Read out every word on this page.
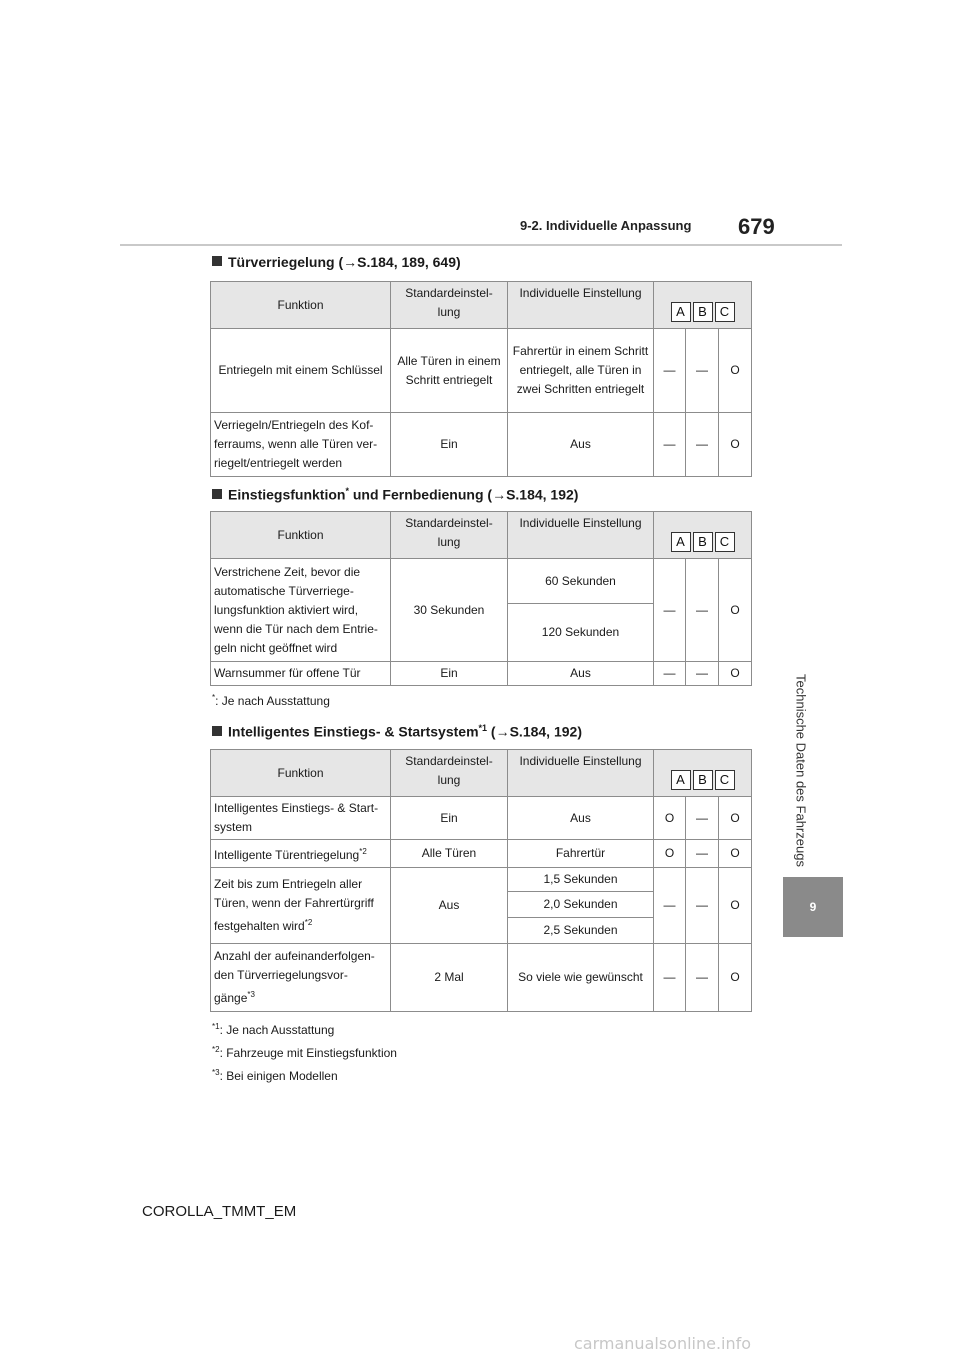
9-2. Individuelle Anpassung	679
Technische Daten des Fahrzeugs
9
Türverriegelung (→S.184, 189, 649)
Funktion	Standardeinstel-lung	Individuelle Einstellung	A B C		

Entriegeln mit einem Schlüssel	Alle Türen in einem Schritt entriegelt	Fahrertür in einem Schritt entriegelt, alle Türen in zwei Schritten entriegelt	—	—	O
Verriegeln/Entriegeln des Kof-ferraums, wenn alle Türen ver-riegelt/entriegelt werden	Ein	Aus	—	—	O
Einstiegsfunktion* und Fernbedienung (→S.184, 192)
Funktion	Standardeinstel-lung	Individuelle Einstellung	A B C		

Verstrichene Zeit, bevor die automatische Türverriege-lungsfunktion aktiviert wird, wenn die Tür nach dem Entrie-geln nicht geöffnet wird	30 Sekunden	60 Sekunden	—	—	O
		120 Sekunden			
Warnsummer für offene Tür	Ein	Aus	—	—	O
*: Je nach Ausstattung
Intelligentes Einstiegs- & Startsystem$^{*1}$ (→S.184, 192)
Funktion	Standardeinstel-lung	Individuelle Einstellung	A B C		

Intelligentes Einstiegs- & Start-system	Ein	Aus	O	—	O
Intelligente Türentriegelung$^{*2}$	Alle Türen	Fahrertür	O	—	O
Zeit bis zum Entriegeln aller Türen, wenn der Fahrertürgriff festgehalten wird$^{*2}$	Aus	1,5 Sekunden	—	—	O
		2,0 Sekunden			
		2,5 Sekunden			
Anzahl der aufeinanderfolgen-den Türverriegelungsvor-gänge$^{*3}$	2 Mal	So viele wie gewünscht	—	—	O
$^{*1}$: Je nach Ausstattung
$^{*2}$: Fahrzeuge mit Einstiegsfunktion
$^{*3}$: Bei einigen Modellen
COROLLA_TMMT_EM
carmanualsonline.info
